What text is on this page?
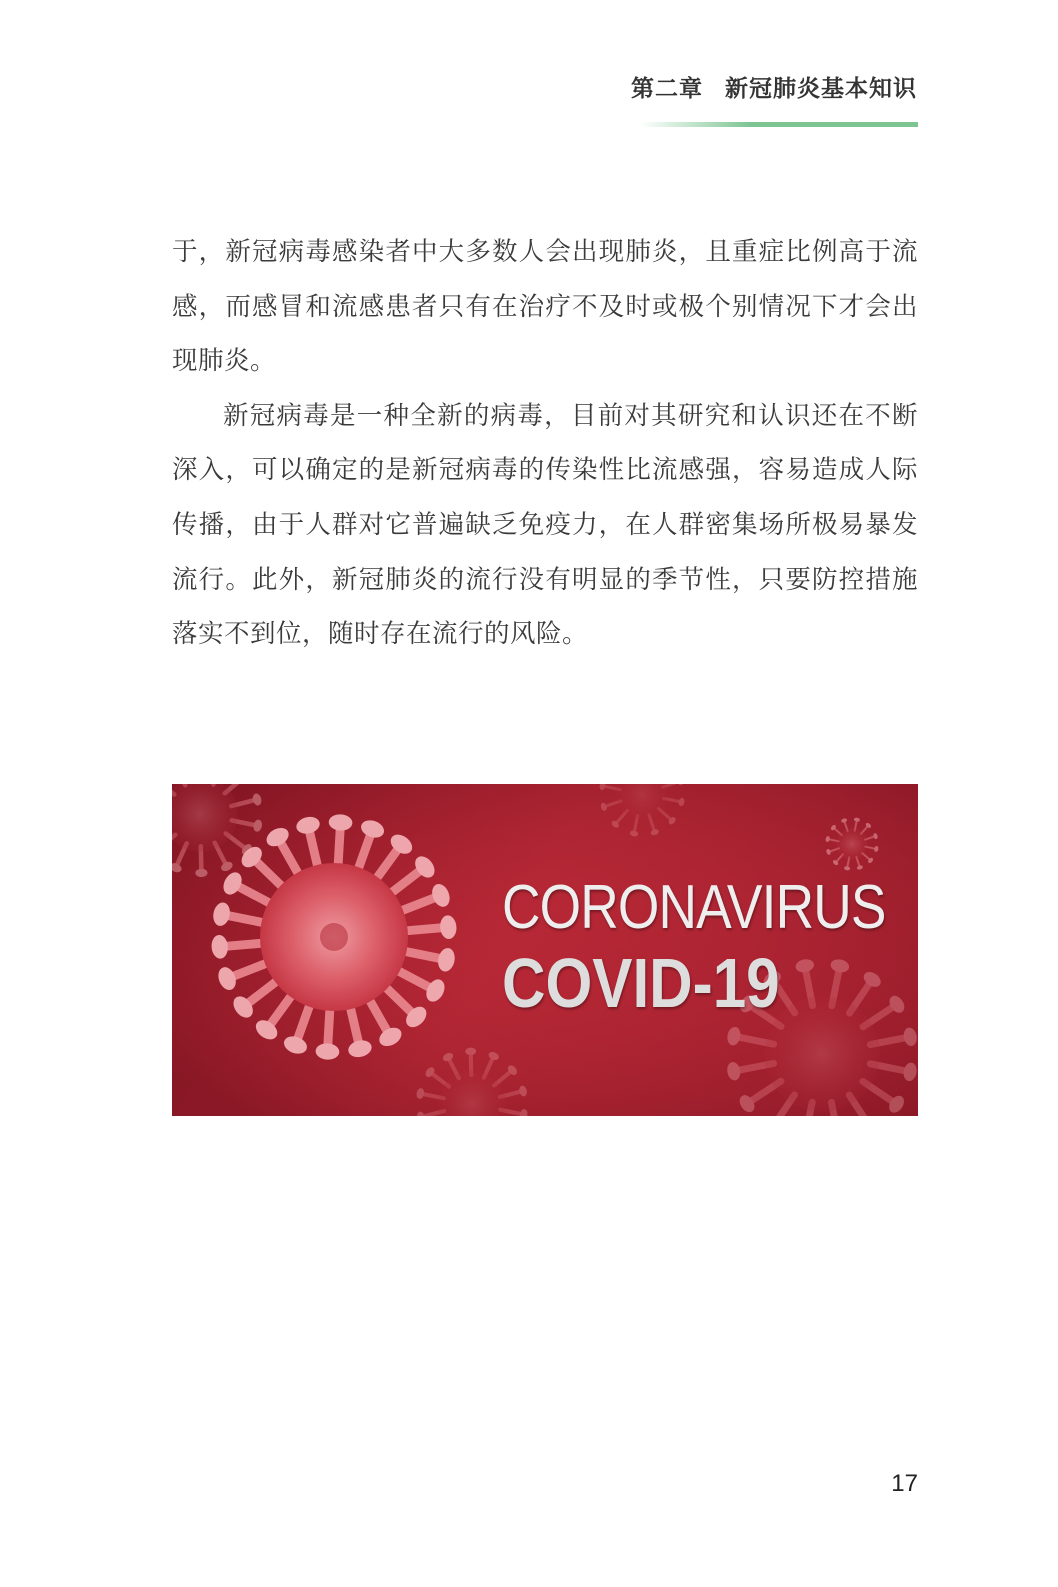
第二章 新冠肺炎基本知识

于，新冠病毒感染者中大多数人会出现肺炎，且重症比例高于流感，而感冒和流感患者只有在治疗不及时或极个别情况下才会出现肺炎。

新冠病毒是一种全新的病毒，目前对其研究和认识还在不断深入，可以确定的是新冠病毒的传染性比流感强，容易造成人际传播，由于人群对它普遍缺乏免疫力，在人群密集场所极易暴发流行。此外，新冠肺炎的流行没有明显的季节性，只要防控措施落实不到位，随时存在流行的风险。

CORONAVIRUS
COVID-19
17
